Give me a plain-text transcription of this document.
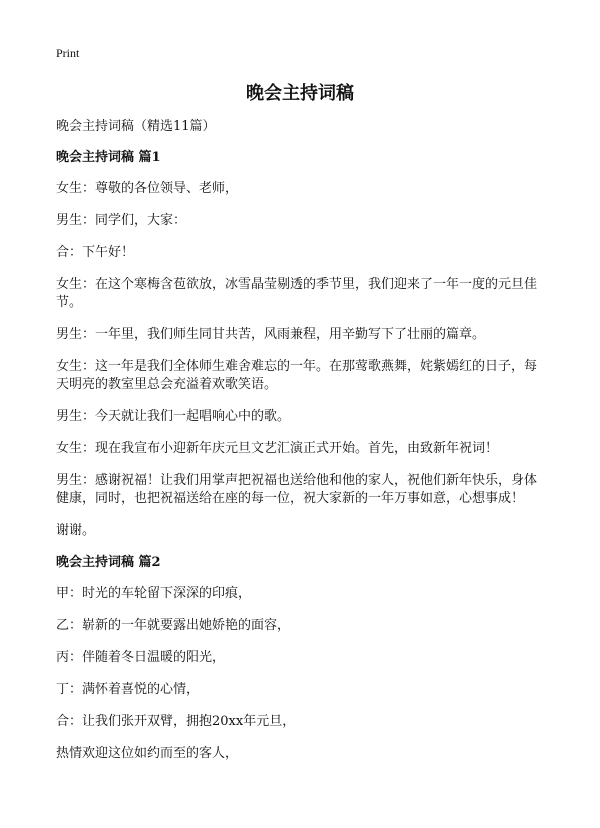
Print
晚会主持词稿

晚会主持词稿（精选11篇）

晚会主持词稿 篇1

女生：尊敬的各位领导、老师，

男生：同学们，大家：

合：下午好！

女生：在这个寒梅含苞欲放，冰雪晶莹剔透的季节里，我们迎来了一年一度的元旦佳节。

男生：一年里，我们师生同甘共苦，风雨兼程，用辛勤写下了壮丽的篇章。

女生：这一年是我们全体师生难舍难忘的一年。在那莺歌燕舞，姹紫嫣红的日子，每天明亮的教室里总会充溢着欢歌笑语。

男生：今天就让我们一起唱响心中的歌。

女生：现在我宣布小迎新年庆元旦文艺汇演正式开始。首先，由致新年祝词！

男生：感谢祝福！让我们用掌声把祝福也送给他和他的家人，祝他们新年快乐，身体健康，同时，也把祝福送给在座的每一位，祝大家新的一年万事如意，心想事成！

谢谢。

晚会主持词稿 篇2

甲：时光的车轮留下深深的印痕，

乙：崭新的一年就要露出她娇艳的面容，

丙：伴随着冬日温暖的阳光，

丁：满怀着喜悦的心情，

合：让我们张开双臂，拥抱20xx年元旦，

热情欢迎这位如约而至的客人，
